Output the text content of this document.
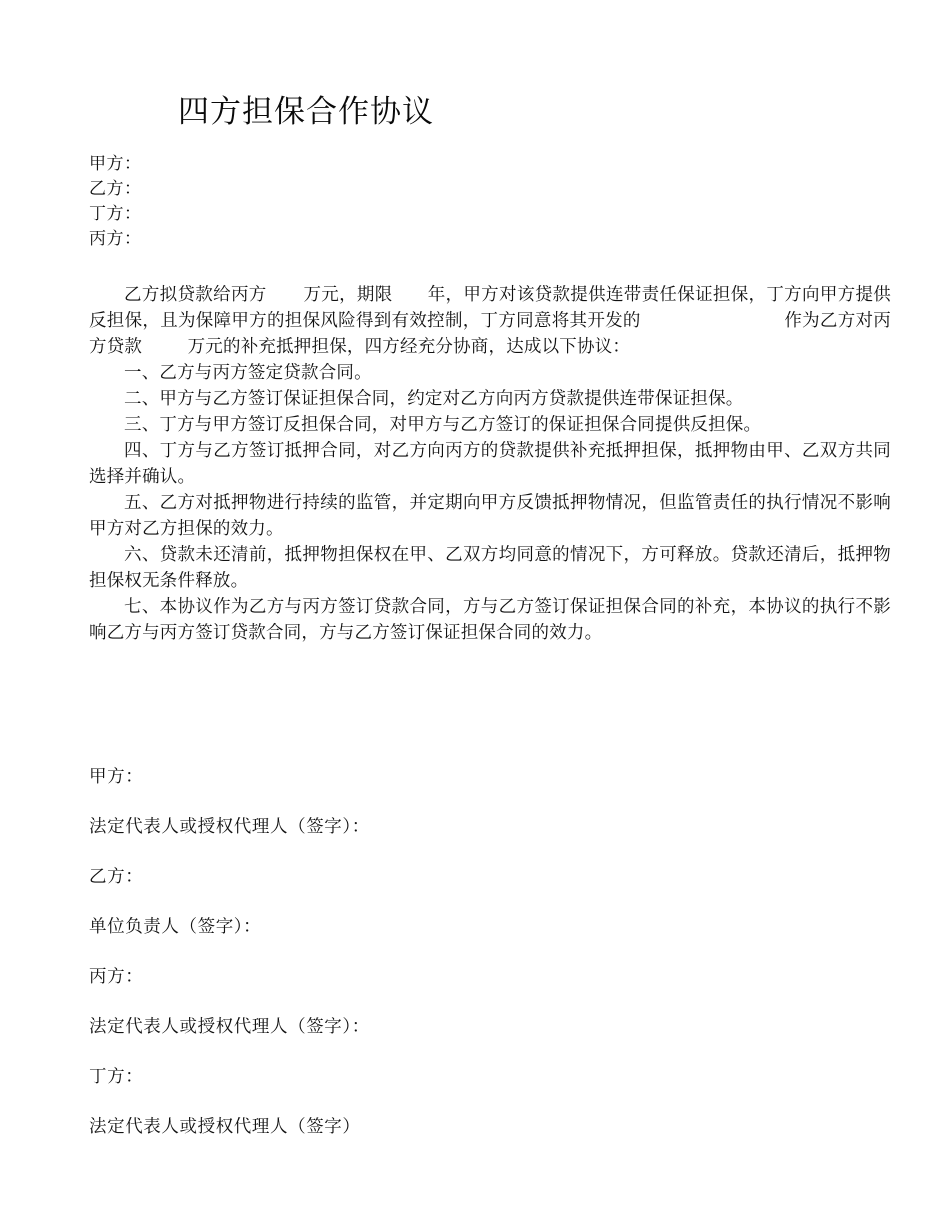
四方担保合作协议
甲方：
乙方：
丁方：
丙方：

乙方拟贷款给丙方 万元，期限 年，甲方对该贷款提供连带责任保证担保，丁方向甲方提供反担保，且为保障甲方的担保风险得到有效控制，丁方同意将其开发的	作为乙方对丙方贷款	万元的补充抵押担保，四方经充分协商，达成以下协议：

一、乙方与丙方签定贷款合同。

二、甲方与乙方签订保证担保合同，约定对乙方向丙方贷款提供连带保证担保。

三、丁方与甲方签订反担保合同，对甲方与乙方签订的保证担保合同提供反担保。

四、丁方与乙方签订抵押合同，对乙方向丙方的贷款提供补充抵押担保，抵押物由甲、乙双方共同选择并确认。

五、乙方对抵押物进行持续的监管，并定期向甲方反馈抵押物情况，但监管责任的执行情况不影响甲方对乙方担保的效力。

六、贷款未还清前，抵押物担保权在甲、乙双方均同意的情况下，方可释放。贷款还清后，抵押物担保权无条件释放。

七、本协议作为乙方与丙方签订贷款合同，方与乙方签订保证担保合同的补充，本协议的执行不影响乙方与丙方签订贷款合同，方与乙方签订保证担保合同的效力。

甲方：
法定代表人或授权代理人（签字）：
乙方：
单位负责人（签字）：
丙方：
法定代表人或授权代理人（签字）：
丁方：
法定代表人或授权代理人（签字）
